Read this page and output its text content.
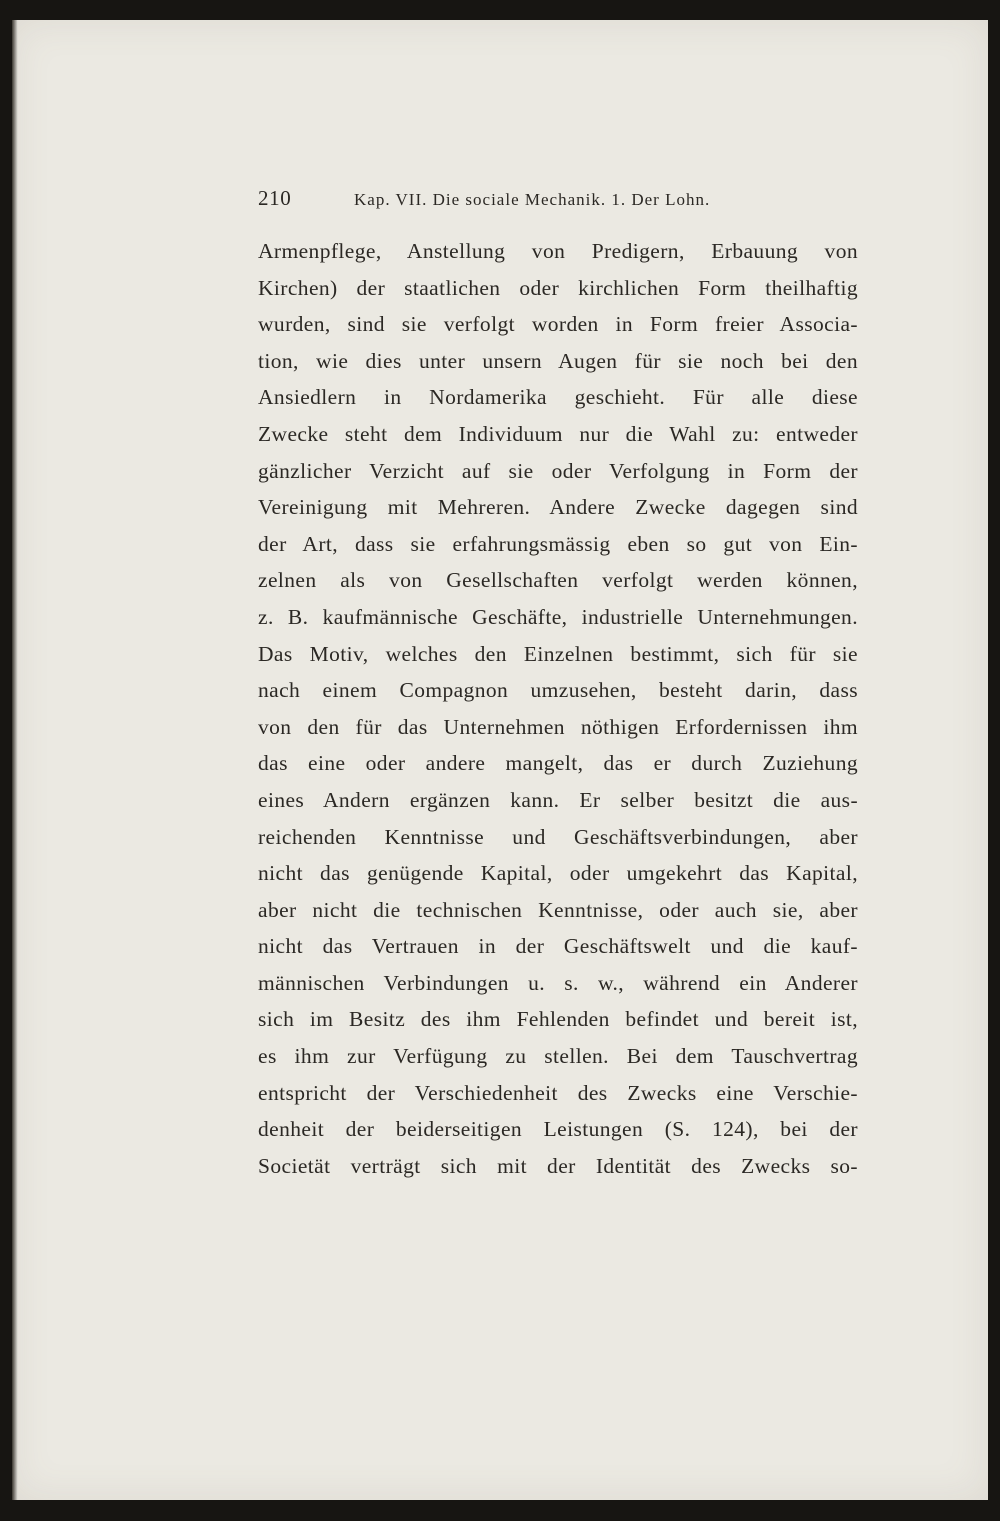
210	Kap. VII. Die sociale Mechanik. 1. Der Lohn.
Armenpflege, Anstellung von Predigern, Erbauung von
Kirchen) der staatlichen oder kirchlichen Form theilhaftig
wurden, sind sie verfolgt worden in Form freier Associa-
tion, wie dies unter unsern Augen für sie noch bei den
Ansiedlern in Nordamerika geschieht. Für alle diese
Zwecke steht dem Individuum nur die Wahl zu: entweder
gänzlicher Verzicht auf sie oder Verfolgung in Form der
Vereinigung mit Mehreren. Andere Zwecke dagegen sind
der Art, dass sie erfahrungsmässig eben so gut von Ein-
zelnen als von Gesellschaften verfolgt werden können,
z. B. kaufmännische Geschäfte, industrielle Unternehmungen.
Das Motiv, welches den Einzelnen bestimmt, sich für sie
nach einem Compagnon umzusehen, besteht darin, dass
von den für das Unternehmen nöthigen Erfordernissen ihm
das eine oder andere mangelt, das er durch Zuziehung
eines Andern ergänzen kann. Er selber besitzt die aus-
reichenden Kenntnisse und Geschäftsverbindungen, aber
nicht das genügende Kapital, oder umgekehrt das Kapital,
aber nicht die technischen Kenntnisse, oder auch sie, aber
nicht das Vertrauen in der Geschäftswelt und die kauf-
männischen Verbindungen u. s. w., während ein Anderer
sich im Besitz des ihm Fehlenden befindet und bereit ist,
es ihm zur Verfügung zu stellen. Bei dem Tauschvertrag
entspricht der Verschiedenheit des Zwecks eine Verschie-
denheit der beiderseitigen Leistungen (S. 124), bei der
Societät verträgt sich mit der Identität des Zwecks so-
